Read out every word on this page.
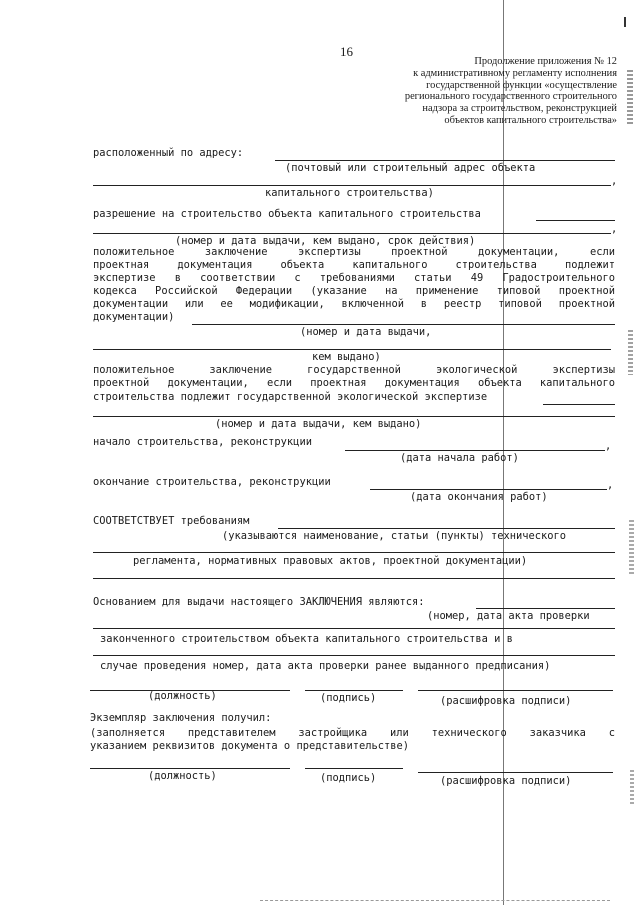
16
Продолжение приложения № 12
к административному регламенту исполнения
государственной функции «осуществление
регионального государственного строительного
надзора за строительством, реконструкцией
объектов капитального строительства»
расположенный по адресу:
(почтовый или строительный адрес объекта
,
капитального строительства)
разрешение на строительство объекта капитального строительства
,
(номер и дата выдачи, кем выдано, срок действия)
положительное заключение экспертизы проектной документации, если
проектная документация объекта капитального строительства подлежит
экспертизе в соответствии с требованиями статьи 49 Градостроительного
кодекса Российской Федерации (указание на применение типовой проектной
документации или ее модификации, включенной в реестр типовой проектной
документации)
(номер и дата выдачи,
кем выдано)
положительное заключение государственной экологической экспертизы
проектной документации, если проектная документация объекта капитального
строительства подлежит государственной экологической экспертизе
(номер и дата выдачи, кем выдано)
начало строительства, реконструкции	,
(дата начала работ)
окончание строительства, реконструкции	,
(дата окончания работ)
СООТВЕТСТВУЕТ требованиям
(указываются наименование, статьи (пункты) технического
регламента, нормативных правовых актов, проектной документации)
Основанием для выдачи настоящего ЗАКЛЮЧЕНИЯ являются:
(номер, дата акта проверки
законченного строительством объекта капитального строительства и в
случае проведения номер, дата акта проверки ранее выданного предписания)
(должность)	(подпись)	(расшифровка подписи)
Экземпляр заключения получил:
(заполняется представителем застройщика или технического заказчика с
указанием реквизитов документа о представительстве)
(должность)	(подпись)	(расшифровка подписи)
